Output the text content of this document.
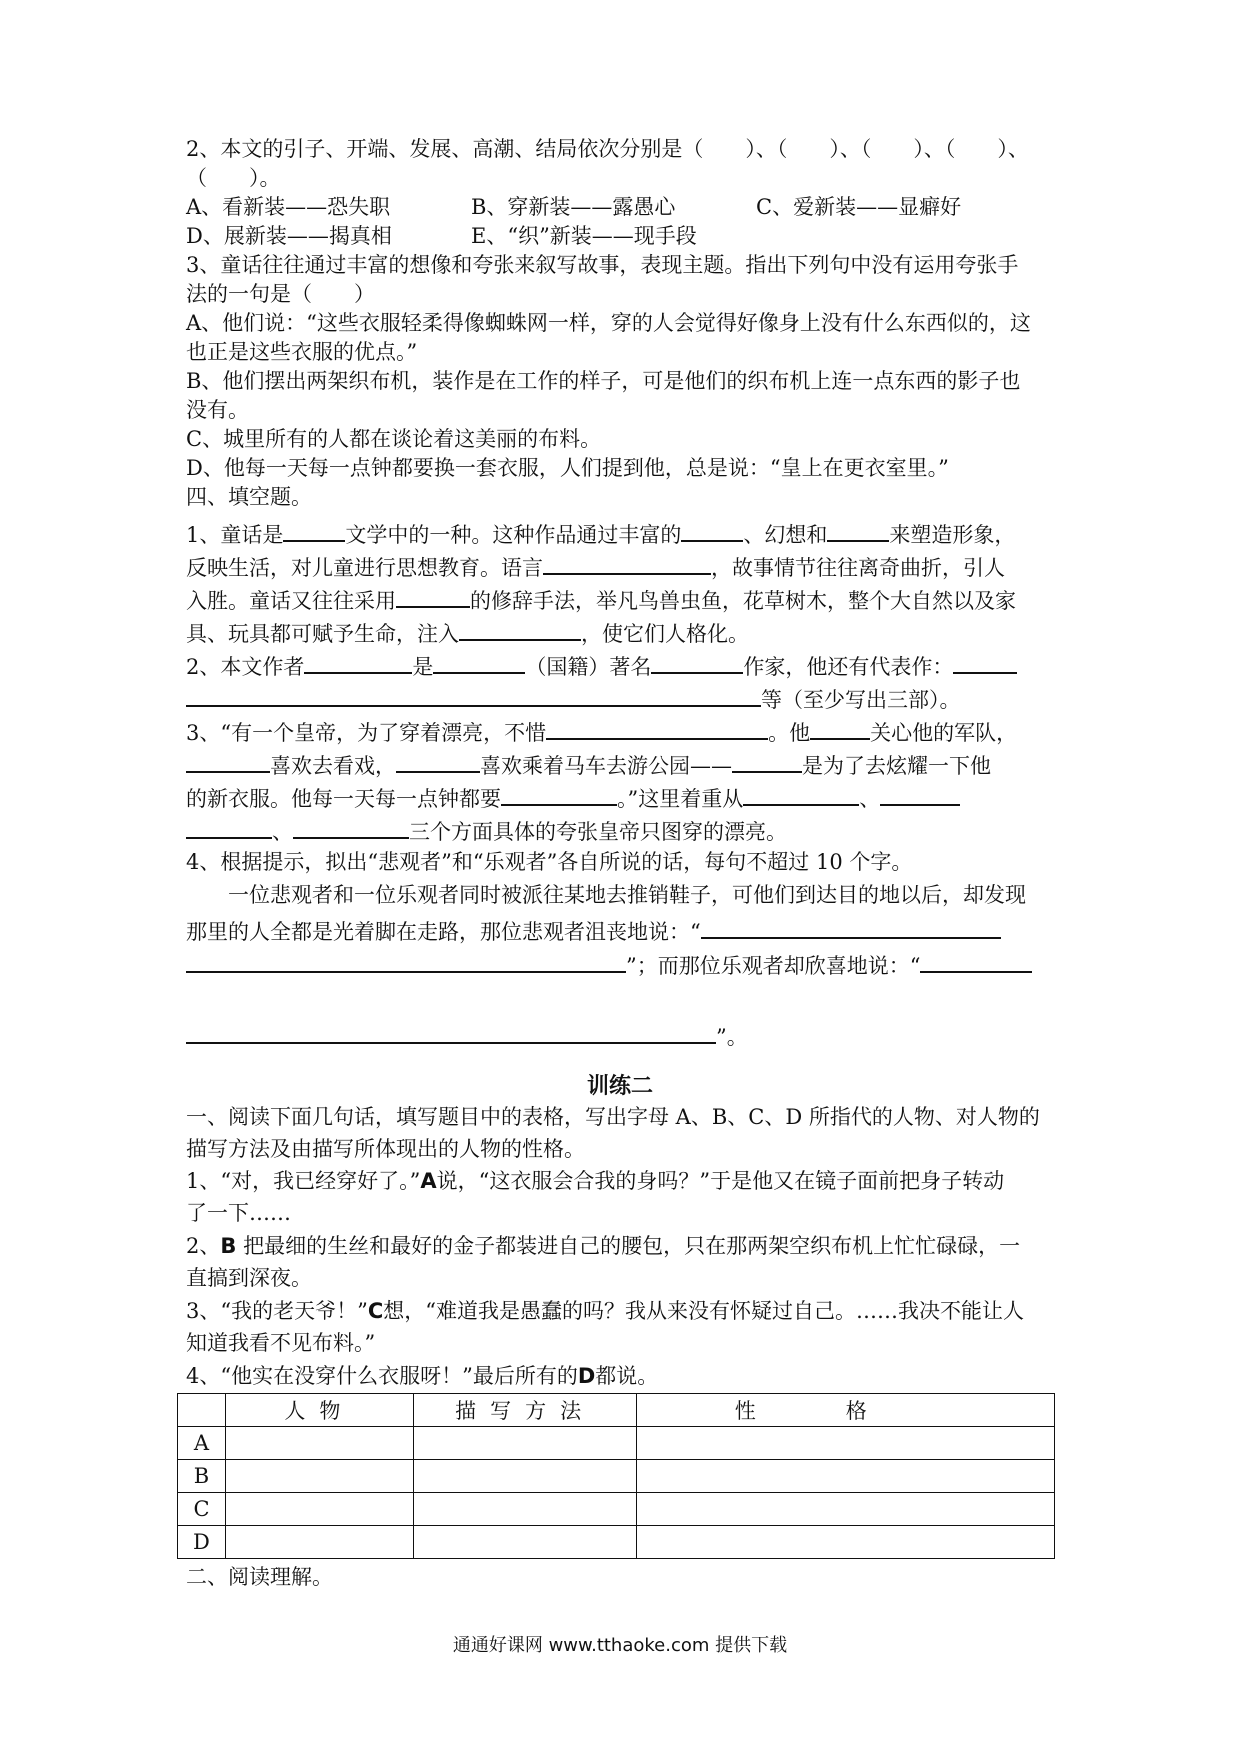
2、本文的引子、开端、发展、高潮、结局依次分别是（　　）、（　　）、（　　）、（　　）、
（　　）。
A、看新装——恐失职	B、穿新装——露愚心	C、爱新装——显癖好
D、展新装——揭真相	E、“织”新装——现手段
3、童话往往通过丰富的想像和夸张来叙写故事，表现主题。指出下列句中没有运用夸张手
法的一句是（　　）
A、他们说：“这些衣服轻柔得像蜘蛛网一样，穿的人会觉得好像身上没有什么东西似的，这
也正是这些衣服的优点。”
B、他们摆出两架织布机，装作是在工作的样子，可是他们的织布机上连一点东西的影子也
没有。
C、城里所有的人都在谈论着这美丽的布料。
D、他每一天每一点钟都要换一套衣服，人们提到他，总是说：“皇上在更衣室里。”
四、填空题。
1、童话是	文学中的一种。这种作品通过丰富的	、幻想和	来塑造形象，
反映生活，对儿童进行思想教育。语言	，故事情节往往离奇曲折，引人
入胜。童话又往往采用	的修辞手法，举凡鸟兽虫鱼，花草树木，整个大自然以及家
具、玩具都可赋予生命，注入	，使它们人格化。
2、本文作者	是	（国籍）著名	作家，他还有代表作：
等（至少写出三部）。
3、“有一个皇帝，为了穿着漂亮，不惜	。他	关心他的军队，
喜欢去看戏，	喜欢乘着马车去游公园——	是为了去炫耀一下他
的新衣服。他每一天每一点钟都要	。”这里着重从	、
、	三个方面具体的夸张皇帝只图穿的漂亮。
4、根据提示，拟出“悲观者”和“乐观者”各自所说的话，每句不超过 10 个字。
一位悲观者和一位乐观者同时被派往某地去推销鞋子，可他们到达目的地以后，却发现
那里的人全都是光着脚在走路，那位悲观者沮丧地说：“
”；而那位乐观者却欣喜地说：“
”。
训练二
一、阅读下面几句话，填写题目中的表格，写出字母 A、B、C、D 所指代的人物、对人物的
描写方法及由描写所体现出的人物的性格。
1、“对，我已经穿好了。”A说，“这衣服会合我的身吗？”于是他又在镜子面前把身子转动
了一下……
2、B 把最细的生丝和最好的金子都装进自己的腰包，只在那两架空织布机上忙忙碌碌，一
直搞到深夜。
3、“我的老天爷！”C想，“难道我是愚蠢的吗？我从来没有怀疑过自己。……我决不能让人
知道我看不见布料。”
4、“他实在没穿什么衣服呀！”最后所有的D都说。
	人物	描写方法	性格
A			
B			
C			
D			
二、阅读理解。
通通好课网 www.tthaoke.com 提供下载
